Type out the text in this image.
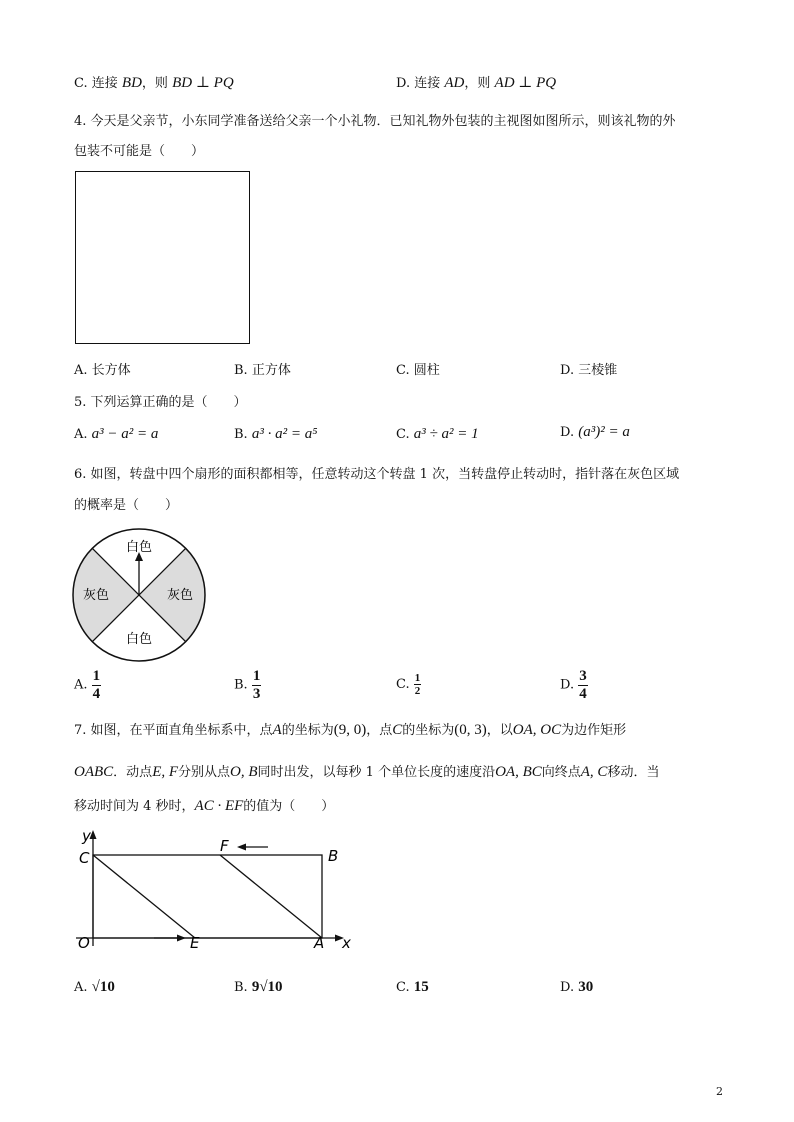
C. 连接 BD，则 BD ⊥ PQ	D. 连接 AD，则 AD ⊥ PQ
4. 今天是父亲节，小东同学准备送给父亲一个小礼物．已知礼物外包装的主视图如图所示，则该礼物的外
包装不可能是（　　）
A. 长方体	B. 正方体	C. 圆柱	D. 三棱锥
5. 下列运算正确的是（　　）
A. a³ − a² = a	B. a³ · a² = a⁵	C. a³ ÷ a² = 1	D. (a³)² = a
6. 如图，转盘中四个扇形的面积都相等，任意转动这个转盘 1 次，当转盘停止转动时，指针落在灰色区域
的概率是（　　）
白色
白色
灰色	灰色
A. $\frac{1}{4}$	B. $\frac{1}{3}$	C. $\frac{1}{2}$	D. $\frac{3}{4}$
7. 如图，在平面直角坐标系中，点A的坐标为(9, 0)，点C的坐标为(0, 3)，以OA, OC为边作矩形
OABC．动点E, F分别从点O, B同时出发，以每秒 1 个单位长度的速度沿OA, BC向终点A, C移动．当
移动时间为 4 秒时，AC · EF的值为（　　）
y
x
O
C	B
F
E	A
A. √10	B. 9√10	C. 15	D. 30
2
